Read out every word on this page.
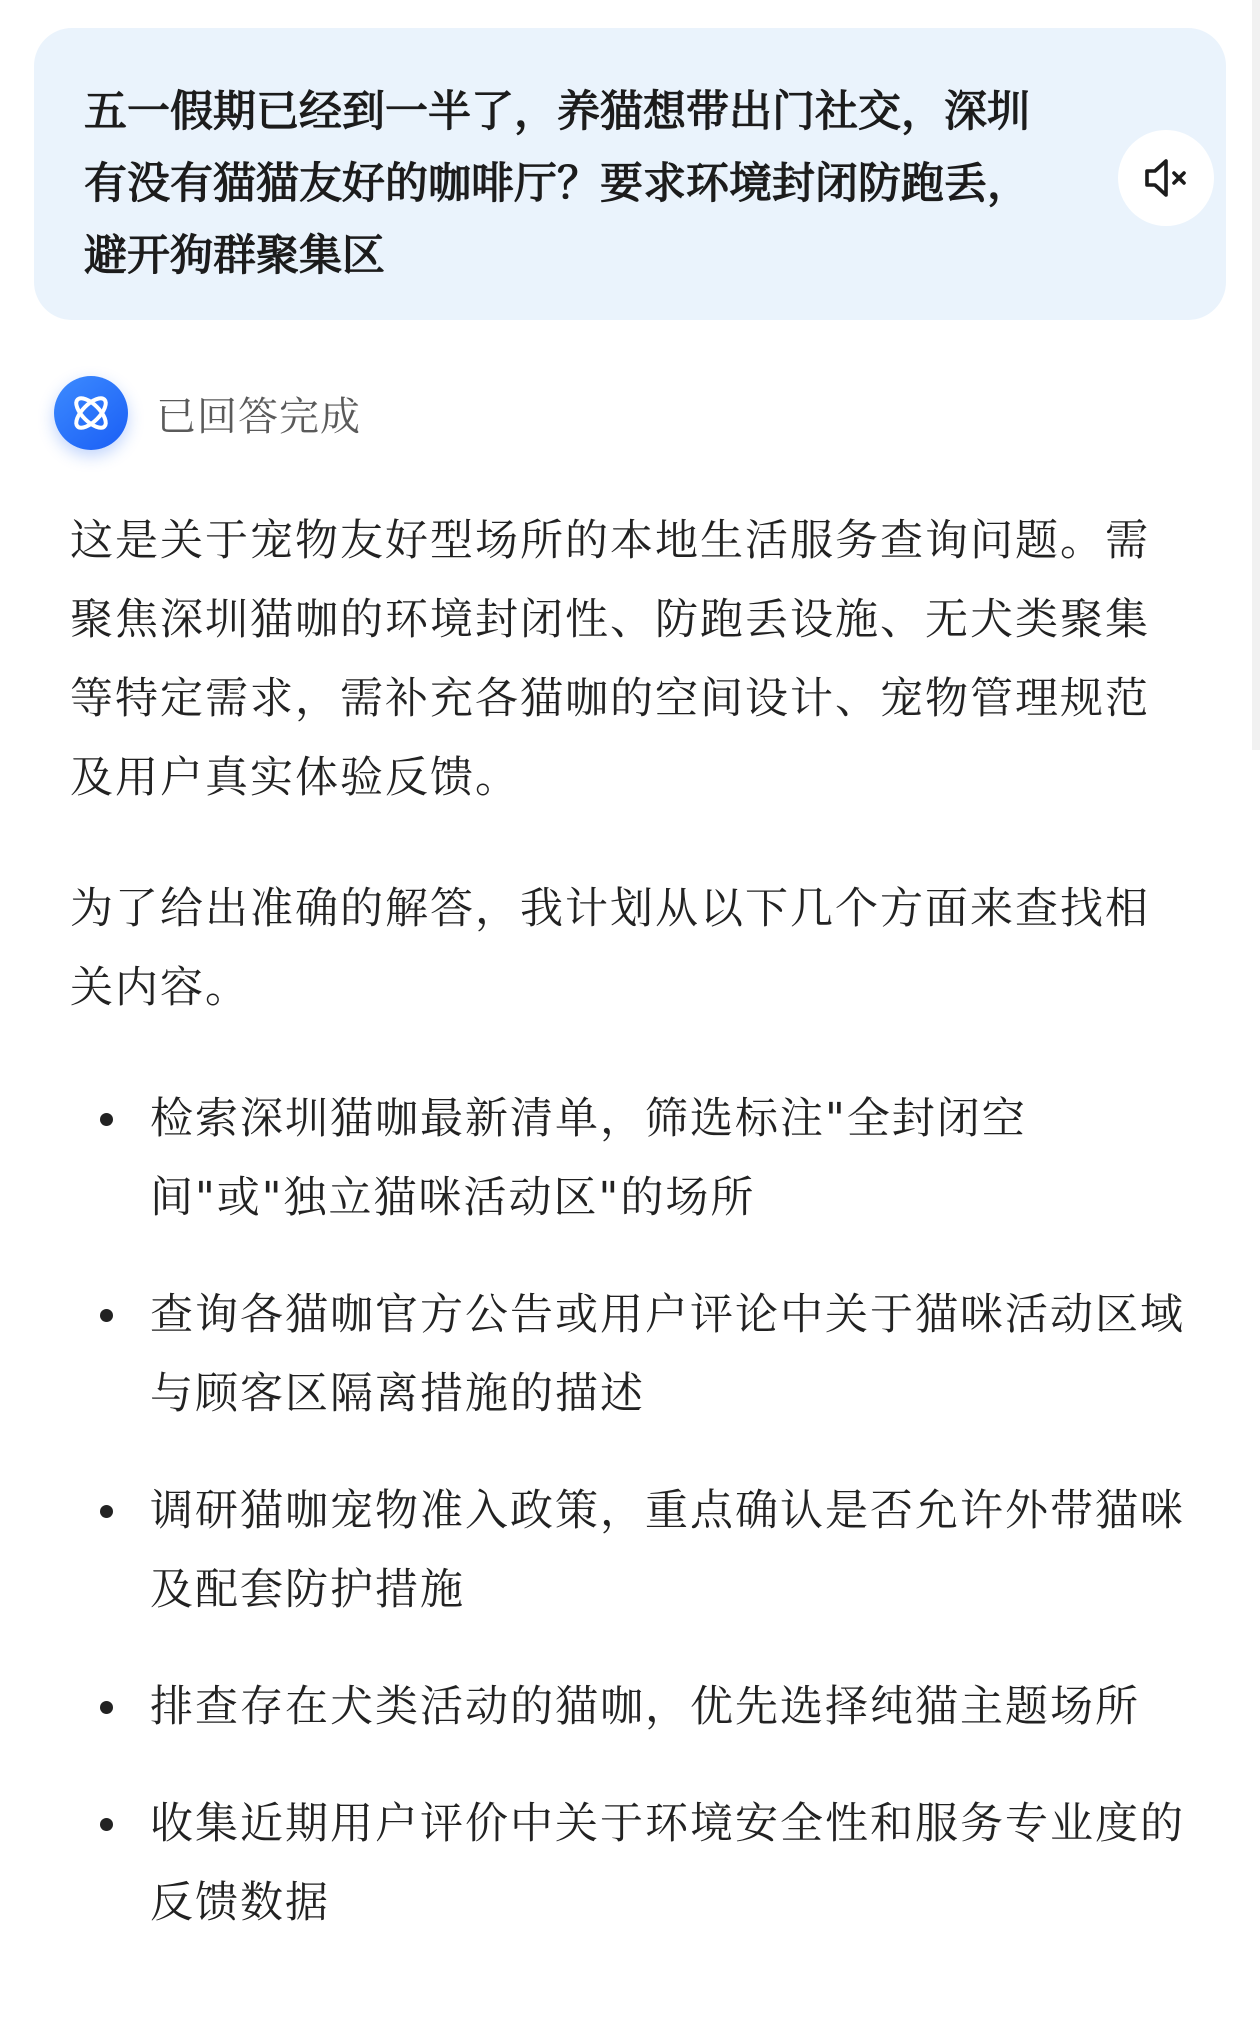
五一假期已经到一半了，养猫想带出门社交，深圳有没有猫猫友好的咖啡厅？要求环境封闭防跑丢，避开狗群聚集区

已回答完成

这是关于宠物友好型场所的本地生活服务查询问题。需聚焦深圳猫咖的环境封闭性、防跑丢设施、无犬类聚集等特定需求，需补充各猫咖的空间设计、宠物管理规范及用户真实体验反馈。

为了给出准确的解答，我计划从以下几个方面来查找相关内容。

检索深圳猫咖最新清单，筛选标注"全封闭空间"或"独立猫咪活动区"的场所
查询各猫咖官方公告或用户评论中关于猫咪活动区域与顾客区隔离措施的描述
调研猫咖宠物准入政策，重点确认是否允许外带猫咪及配套防护措施
排查存在犬类活动的猫咖，优先选择纯猫主题场所
收集近期用户评价中关于环境安全性和服务专业度的反馈数据
